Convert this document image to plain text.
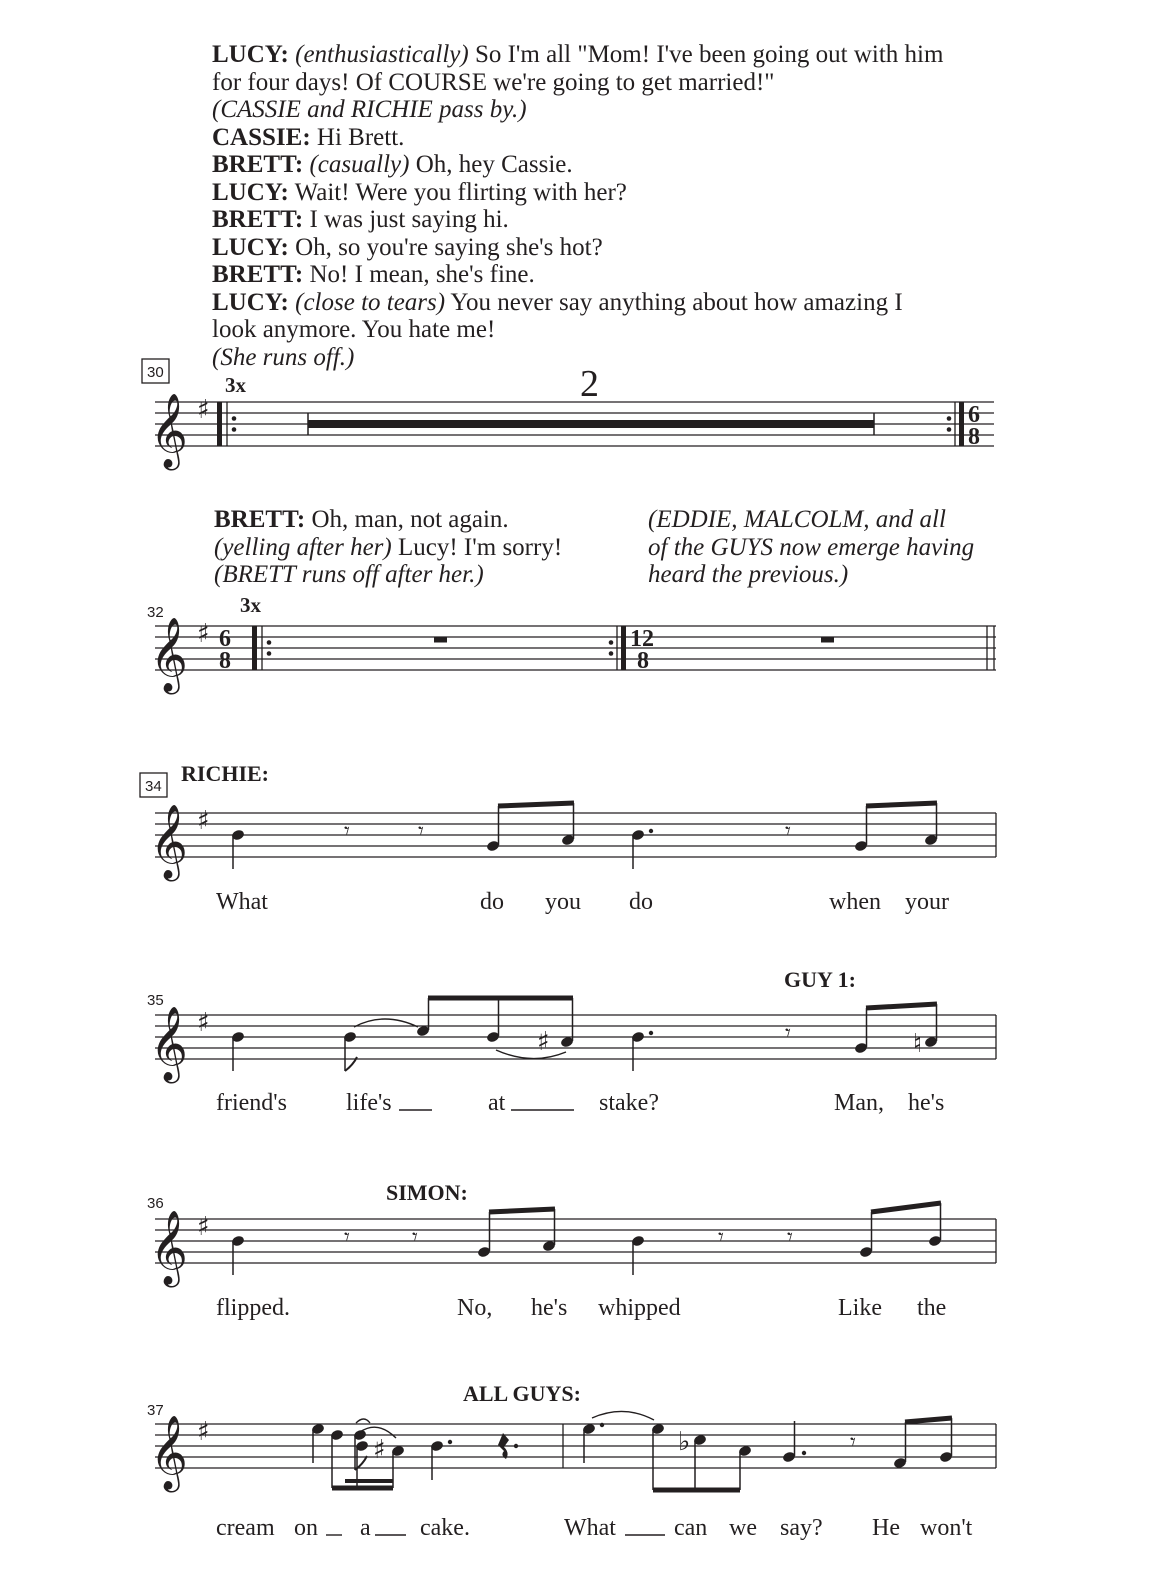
LUCY: (enthusiastically) So I'm all "Mom! I've been going out with him

for four days! Of COURSE we're going to get married!"

(CASSIE and RICHIE pass by.)

CASSIE: Hi Brett.

BRETT: (casually) Oh, hey Cassie.

LUCY: Wait! Were you flirting with her?

BRETT: I was just saying hi.

LUCY: Oh, so you're saying she's hot?

BRETT: No! I mean, she's fine.

LUCY: (close to tears) You never say anything about how amazing I

look anymore. You hate me!

(She runs off.)

BRETT: Oh, man, not again.

(yelling after her) Lucy! I'm sorry!

(BRETT runs off after her.)

(EDDIE, MALCOLM, and all

of the GUYS now emerge having

heard the previous.)

30
𝄞 ♯
3x	2
6
8
32
𝄞 ♯ 6
8
3x
12
8
34
RICHIE:
𝄞 ♯	𝄾	𝄾	𝄾
What	do you do	when your
35
GUY 1:
𝄞 ♯
♯	𝄾	♮
friend's life's	at	stake?	Man, he's
36	SIMON:
𝄞 ♯	𝄾	𝄾	𝄾	𝄾
flipped.	No, he's whipped	Like the
37
ALL GUYS:
𝄞 ♯
♯	♭	𝄾
cream on a cake.	What can we say? He won't
